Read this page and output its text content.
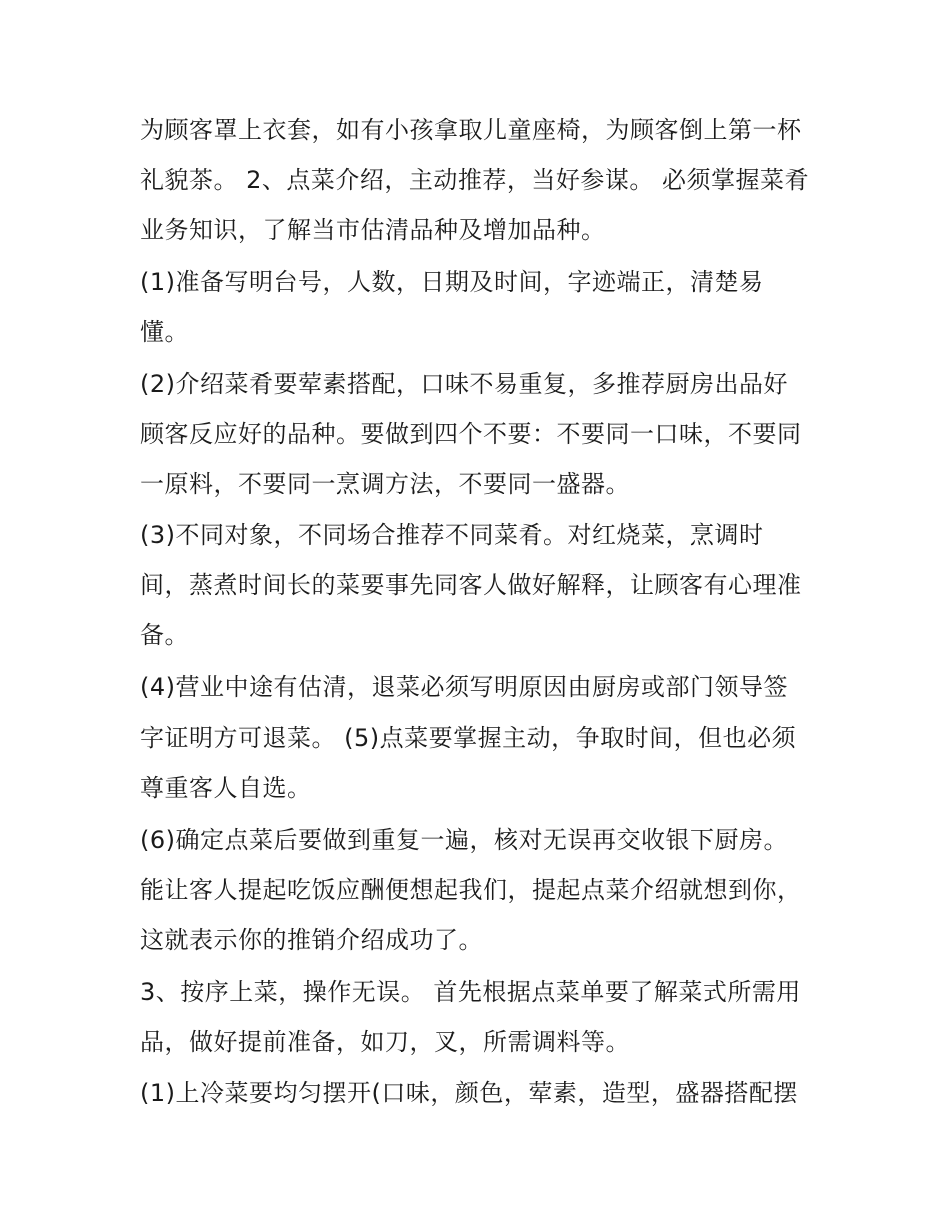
为顾客罩上衣套，如有小孩拿取儿童座椅，为顾客倒上第一杯
礼貌茶。 2、点菜介绍，主动推荐，当好参谋。 必须掌握菜肴
业务知识，了解当市估清品种及增加品种。
(1)准备写明台号，人数，日期及时间，字迹端正，清楚易
懂。
(2)介绍菜肴要荤素搭配，口味不易重复，多推荐厨房出品好
顾客反应好的品种。要做到四个不要：不要同一口味，不要同
一原料，不要同一烹调方法，不要同一盛器。
(3)不同对象，不同场合推荐不同菜肴。对红烧菜，烹调时
间，蒸煮时间长的菜要事先同客人做好解释，让顾客有心理准
备。
(4)营业中途有估清，退菜必须写明原因由厨房或部门领导签
字证明方可退菜。 (5)点菜要掌握主动，争取时间，但也必须
尊重客人自选。
(6)确定点菜后要做到重复一遍，核对无误再交收银下厨房。
能让客人提起吃饭应酬便想起我们，提起点菜介绍就想到你，
这就表示你的推销介绍成功了。
3、按序上菜，操作无误。 首先根据点菜单要了解菜式所需用
品，做好提前准备，如刀，叉，所需调料等。
(1)上冷菜要均匀摆开(口味，颜色，荤素，造型，盛器搭配摆
